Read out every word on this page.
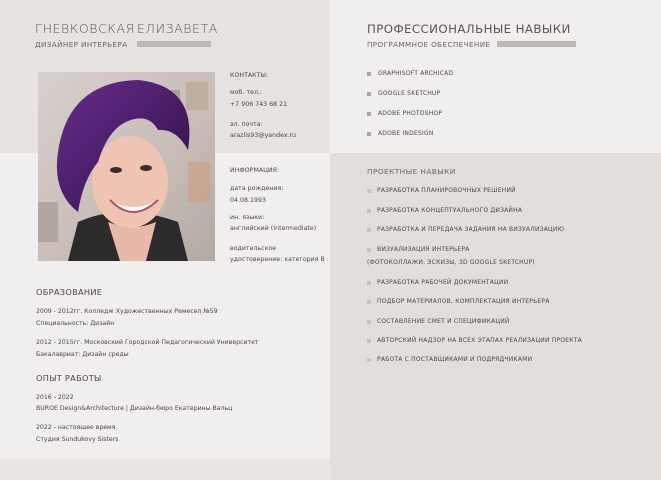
ГНЕВКОВСКАЯ ЕЛИЗАВЕТА
ДИЗАЙНЕР ИНТЕРЬЕРА
КОНТАКТЫ:
моб. тел.:
+7 906 743 68 21
эл. почта:
arazlis93@yandex.ru
ИНФОРМАЦИЯ:
дата рождения:
04.08.1993
ин. языки:
английский (Intermediate)
водительское
удостоверение: категория B
ОБРАЗОВАНИЕ
2009 - 2012гг. Колледж Художественных Ремесел №59
Специальность: Дизайн
2012 - 2015гг. Московский Городской Педагогический Университет
Бакалавриат: Дизайн среды
ОПЫТ РАБОТЫ
2016 - 2022
BUROE Design&Architecture | Дизайн-бюро Екатерины Вальц
2022 - настоящее время
Студия Sundukovy Sisters
ПРОФЕССИОНАЛЬНЫЕ НАВЫКИ
ПРОГРАММНОЕ ОБЕСПЕЧЕНИЕ
GRAPHISOFT ARCHICAD
GOOGLE SKETCHUP
ADOBE PHOTOSHOP
ADOBE INDESIGN
ПРОЕКТНЫЕ НАВЫКИ
РАЗРАБОТКА ПЛАНИРОВОЧНЫХ РЕШЕНИЙ
РАЗРАБОТКА КОНЦЕПТУАЛЬНОГО ДИЗАЙНА
РАЗРАБОТКА И ПЕРЕДАЧА ЗАДАНИЯ НА ВИЗУАЛИЗАЦИЮ
ВИЗУАЛИЗАЦИЯ ИНТЕРЬЕРА
(ФОТОКОЛЛАЖИ, ЭСКИЗЫ, 3D GOOGLE SKETCHUP)
РАЗРАБОТКА РАБОЧЕЙ ДОКУМЕНТАЦИИ
ПОДБОР МАТЕРИАЛОВ, КОМПЛЕКТАЦИЯ ИНТЕРЬЕРА
СОСТАВЛЕНИЕ СМЕТ И СПЕЦИФИКАЦИЙ
АВТОРСКИЙ НАДЗОР НА ВСЕХ ЭТАПАХ РЕАЛИЗАЦИИ ПРОЕКТА
РАБОТА С ПОСТАВЩИКАМИ И ПОДРЯДЧИКАМИ
